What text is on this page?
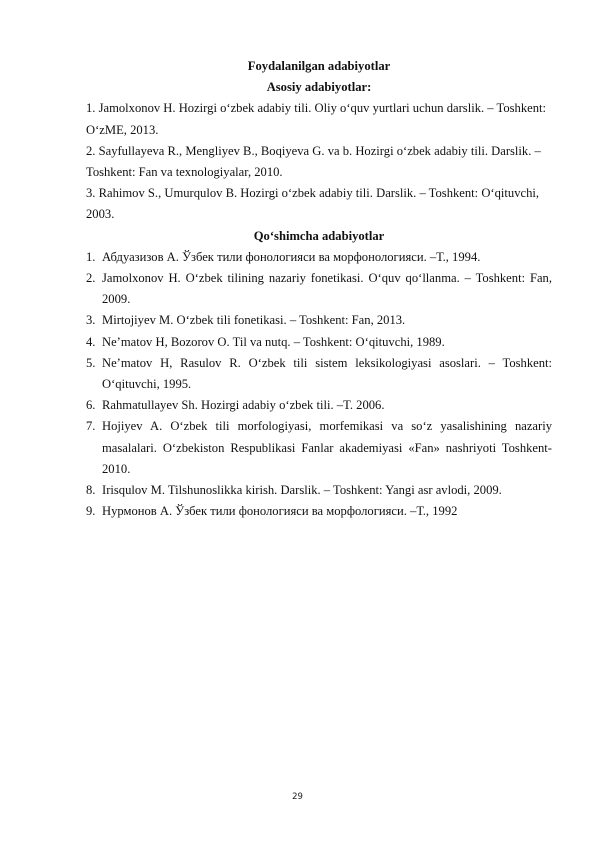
Foydalanilgan adabiyotlar
Asosiy adabiyotlar:

1. Jamolxonov H. Hozirgi o‘zbek adabiy tili. Oliy o‘quv yurtlari uchun darslik. – Toshkent: O‘zME, 2013.

2. Sayfullayeva R., Mengliyev B., Boqiyeva G. va b. Hozirgi o‘zbek adabiy tili. Darslik. – Toshkent: Fan va texnologiyalar, 2010.

3. Rahimov S., Umurqulov B. Hozirgi o‘zbek adabiy tili. Darslik. – Toshkent: O‘qituvchi, 2003.

Qo‘shimcha adabiyotlar
1. Абдуазизов А. Ўзбек тили фонологияси ва морфонологияси. –Т., 1994.
2. Jamolxonov H. O‘zbek tilining nazariy fonetikasi. O‘quv qo‘llanma. – Toshkent: Fan, 2009.
3. Mirtojiyev M. O‘zbek tili fonetikasi. – Toshkent: Fan, 2013.
4. Ne’matov H, Bozorov O. Til va nutq. – Toshkent: O‘qituvchi, 1989.
5. Ne’matov H, Rasulov R. O‘zbek tili sistem leksikologiyasi asoslari. – Toshkent: O‘qituvchi, 1995.
6. Rahmatullayev Sh. Hozirgi adabiy o‘zbek tili. –T. 2006.
7. Hojiyev A. O‘zbek tili morfologiyasi, morfemikasi va so‘z yasalishining nazariy masalalari. O‘zbekiston Respublikasi Fanlar akademiyasi «Fan» nashriyoti Toshkent-2010.
8. Irisqulov M. Tilshunoslikka kirish. Darslik. – Toshkent: Yangi asr avlodi, 2009.
9. Нурмонов А. Ўзбек тили фонологияси ва морфологияси. –Т., 1992
29
